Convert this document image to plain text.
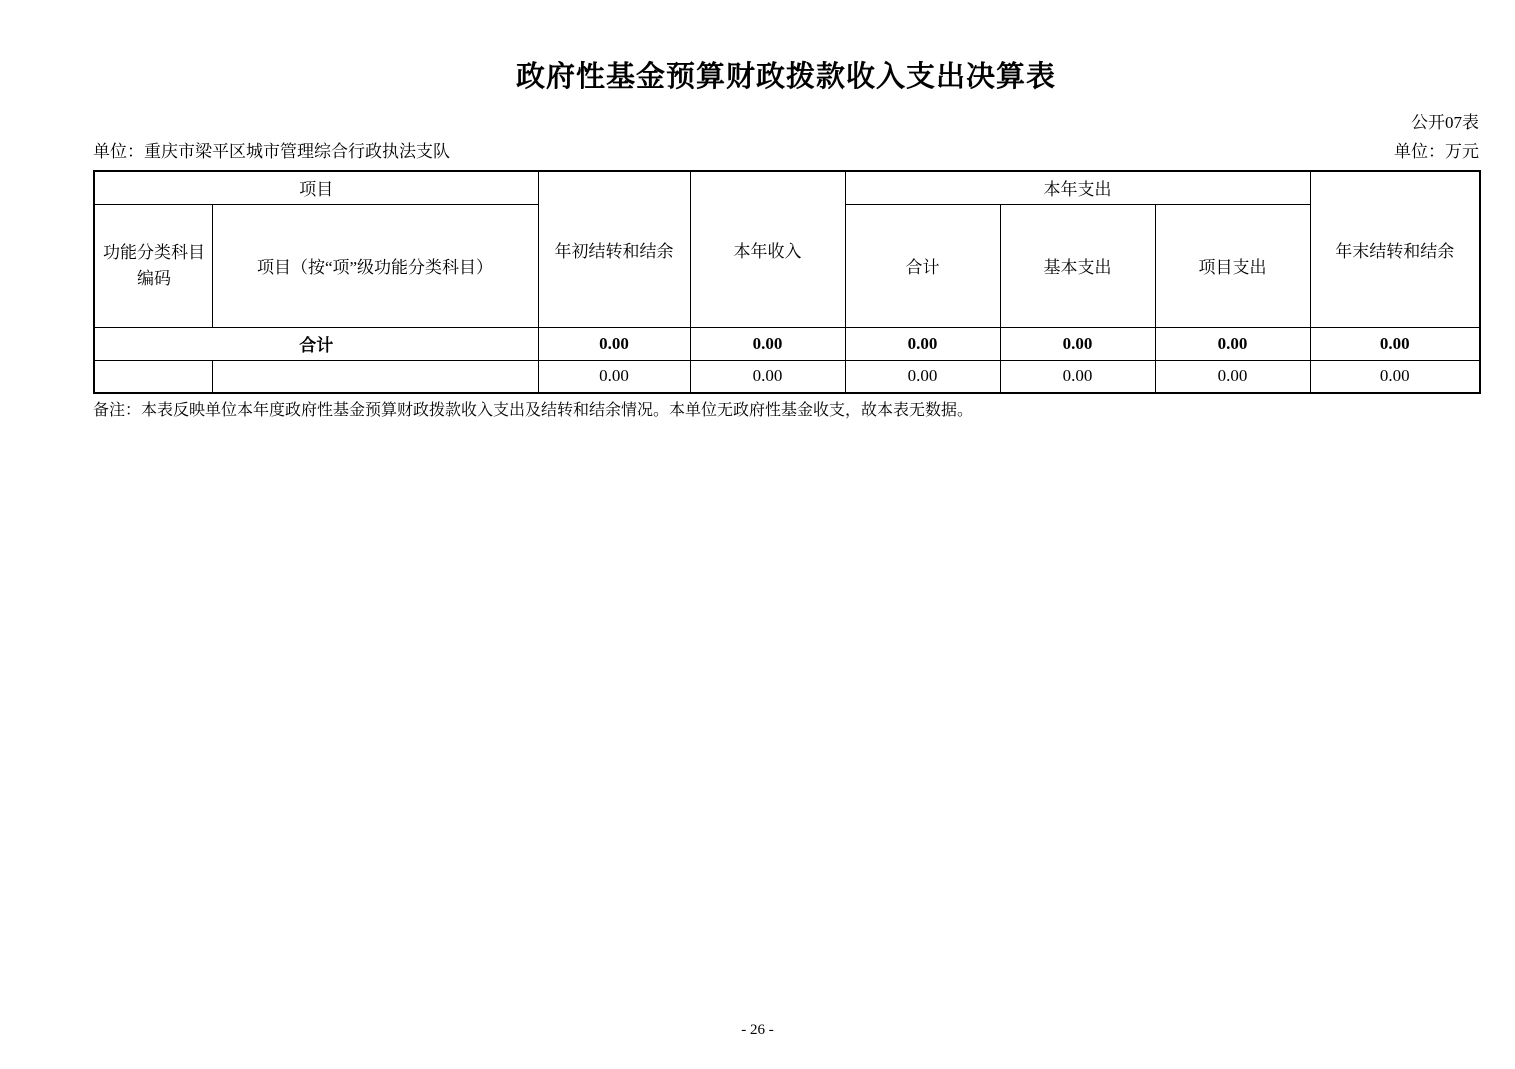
政府性基金预算财政拨款收入支出决算表
公开07表
单位：重庆市梁平区城市管理综合行政执法支队	单位：万元
项目		年初结转和结余	本年收入	本年支出			年末结转和结余

功能分类科目编码	项目（按“项”级功能分类科目）			合计	基本支出	项目支出	
合计		0.00	0.00	0.00	0.00	0.00	0.00
		0.00	0.00	0.00	0.00	0.00	0.00
备注：本表反映单位本年度政府性基金预算财政拨款收入支出及结转和结余情况。本单位无政府性基金收支，故本表无数据。
- 26 -
